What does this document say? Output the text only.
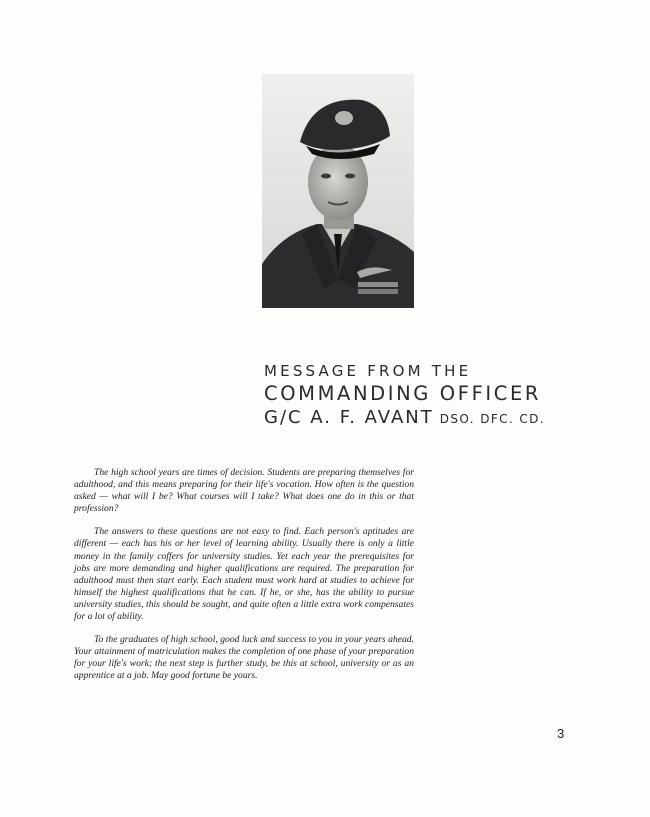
MESSAGE FROM THE
COMMANDING OFFICER
G/C A. F. AVANT DSO. DFC. CD.

The high school years are times of decision. Students are preparing themselves for adulthood, and this means preparing for their life's vocation. How often is the question asked — what will I be? What courses will I take? What does one do in this or that profession?

The answers to these questions are not easy to find. Each person's aptitudes are different — each has his or her level of learning ability. Usually there is only a little money in the family coffers for university studies. Yet each year the prerequisites for jobs are more demanding and higher qualifications are required. The preparation for adulthood must then start early. Each student must work hard at studies to achieve for himself the highest qualifications that he can. If he, or she, has the ability to pursue university studies, this should be sought, and quite often a little extra work compensates for a lot of ability.

To the graduates of high school, good luck and success to you in your years ahead. Your attainment of matriculation makes the completion of one phase of your preparation for your life's work; the next step is further study, be this at school, university or as an apprentice at a job. May good fortune be yours.

3
